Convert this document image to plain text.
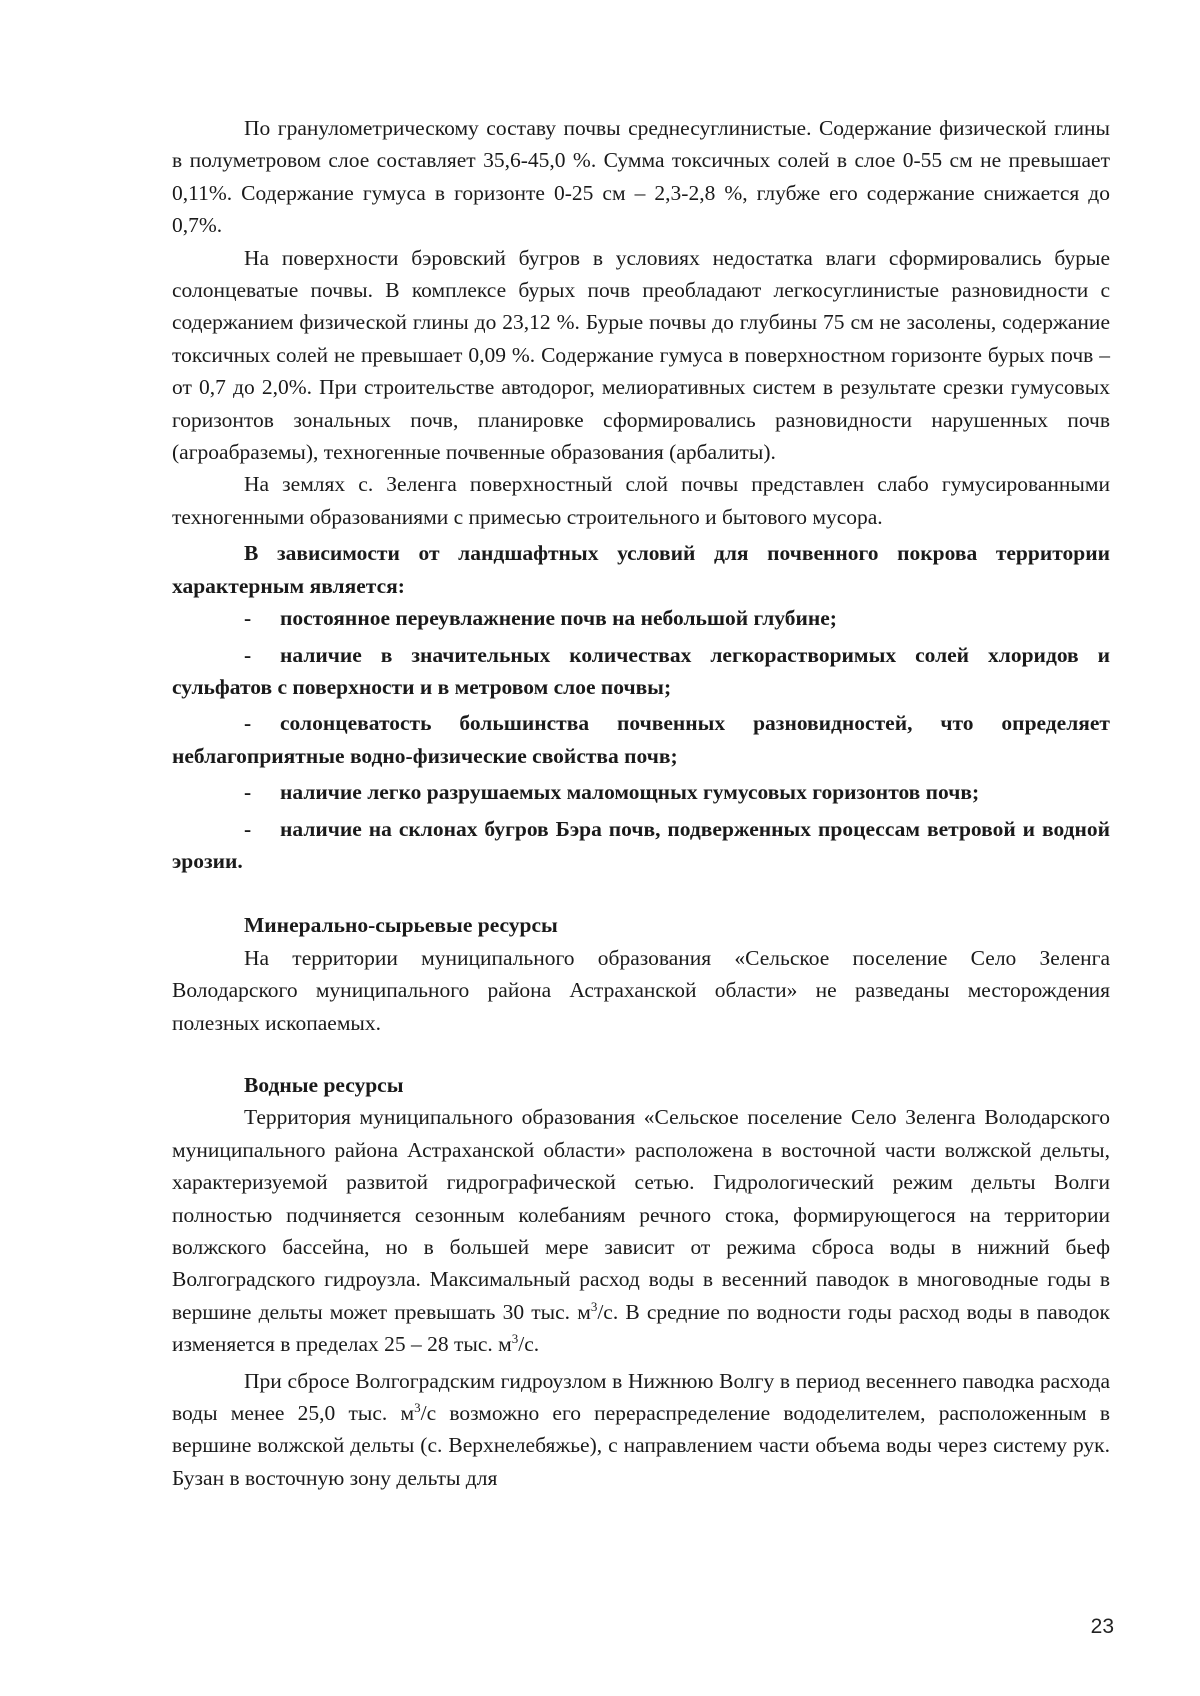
По гранулометрическому составу почвы среднесуглинистые. Содержание физической глины в полуметровом слое составляет 35,6-45,0 %. Сумма токсичных солей в слое 0-55 см не превышает 0,11%. Содержание гумуса в горизонте 0-25 см – 2,3-2,8 %, глубже его содержание снижается до 0,7%.

На поверхности бэровский бугров в условиях недостатка влаги сформировались бурые солонцеватые почвы. В комплексе бурых почв преобладают легкосуглинистые разновидности с содержанием физической глины до 23,12 %. Бурые почвы до глубины 75 см не засолены, содержание токсичных солей не превышает 0,09 %. Содержание гумуса в поверхностном горизонте бурых почв – от 0,7 до 2,0%. При строительстве автодорог, мелиоративных систем в результате срезки гумусовых горизонтов зональных почв, планировке сформировались разновидности нарушенных почв (агроабраземы), техногенные почвенные образования (арбалиты).

На землях с. Зеленга поверхностный слой почвы представлен слабо гумусированными техногенными образованиями с примесью строительного и бытового мусора.

В зависимости от ландшафтных условий для почвенного покрова территории характерным является:

- постоянное переувлажнение почв на небольшой глубине;

- наличие в значительных количествах легкорастворимых солей хлоридов и сульфатов с поверхности и в метровом слое почвы;

- солонцеватость большинства почвенных разновидностей, что определяет неблагоприятные водно-физические свойства почв;

- наличие легко разрушаемых маломощных гумусовых горизонтов почв;

- наличие на склонах бугров Бэра почв, подверженных процессам ветровой и водной эрозии.

Минерально-сырьевые ресурсы

На территории муниципального образования «Сельское поселение Село Зеленга Володарского муниципального района Астраханской области» не разведаны месторождения полезных ископаемых.

Водные ресурсы

Территория муниципального образования «Сельское поселение Село Зеленга Володарского муниципального района Астраханской области» расположена в восточной части волжской дельты, характеризуемой развитой гидрографической сетью. Гидрологический режим дельты Волги полностью подчиняется сезонным колебаниям речного стока, формирующегося на территории волжского бассейна, но в большей мере зависит от режима сброса воды в нижний бьеф Волгоградского гидроузла. Максимальный расход воды в весенний паводок в многоводные годы в вершине дельты может превышать 30 тыс. $м^3/с$. В средние по водности годы расход воды в паводок изменяется в пределах 25 – 28 тыс. $м^3/с$.

При сбросе Волгоградским гидроузлом в Нижнюю Волгу в период весеннего паводка расхода воды менее 25,0 тыс. $м^3/с$ возможно его перераспределение вододелителем, расположенным в вершине волжской дельты (с. Верхнелебяжье), с направлением части объема воды через систему рук. Бузан в восточную зону дельты для

23
